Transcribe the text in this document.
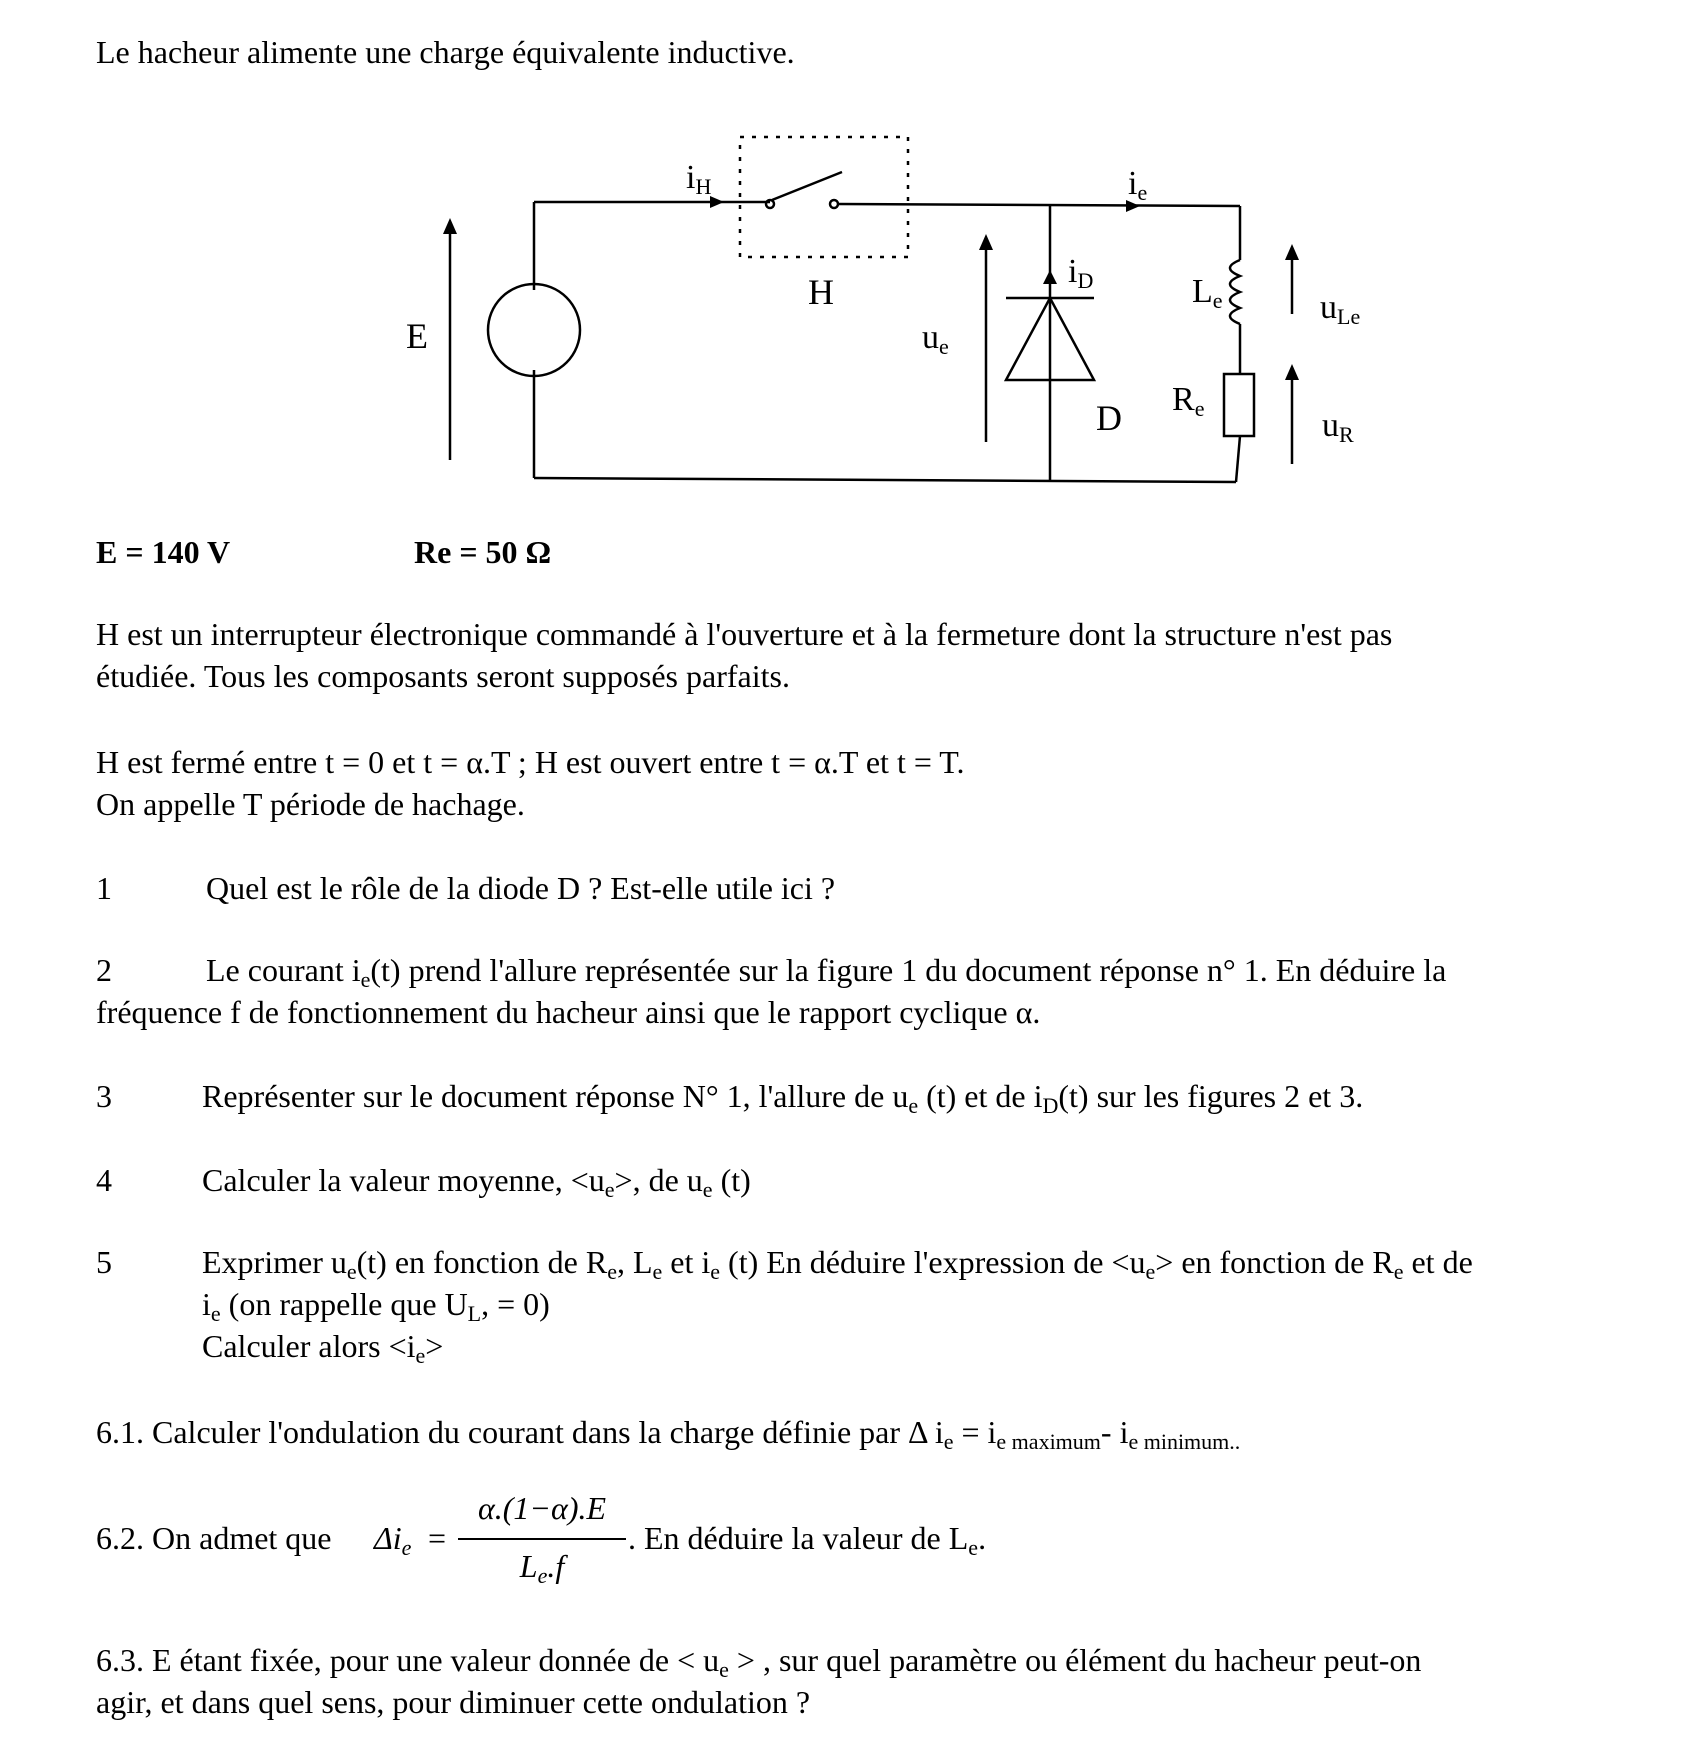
Le hacheur alimente une charge équivalente inductive.
E
iH
H
ue
iD
ie
Le	uLe
Re
D	uR
E = 140 V	Re = 50 Ω
H est un interrupteur électronique commandé à l'ouverture et à la fermeture dont la structure n'est pas
étudiée. Tous les composants seront supposés parfaits.
H est fermé entre t = 0 et t = α.T ; H est ouvert entre t = α.T et t = T.
On appelle T période de hachage.
1	Quel est le rôle de la diode D ? Est-elle utile ici ?
2	Le courant $i_e(t)$ prend l'allure représentée sur la figure 1 du document réponse n° 1. En déduire la
fréquence f de fonctionnement du hacheur ainsi que le rapport cyclique α.
3	Représenter sur le document réponse N° 1, l'allure de $u_e$ (t) et de $i_D(t)$ sur les figures 2 et 3.
4	Calculer la valeur moyenne, $<u_e>$, de $u_e$ (t)
5	Exprimer $u_e(t)$ en fonction de $R_e$, $L_e$ et $i_e$ (t) En déduire l'expression de $<u_e>$ en fonction de $R_e$ et de
$i_e$ (on rappelle que $U_L$, = 0)
Calculer alors $<i_e>$
6.1. Calculer l'ondulation du courant dans la charge définie par Δ $i_e = i_{e maximum}-$ $i_{e minimum..}$
6.2. On admet que $\Delta i_e$ =
α.(1−α).E
$L_e.f$
. En déduire la valeur de $L_e$.
6.3. E étant fixée, pour une valeur donnée de < $u_e$ > , sur quel paramètre ou élément du hacheur peut-on
agir, et dans quel sens, pour diminuer cette ondulation ?
